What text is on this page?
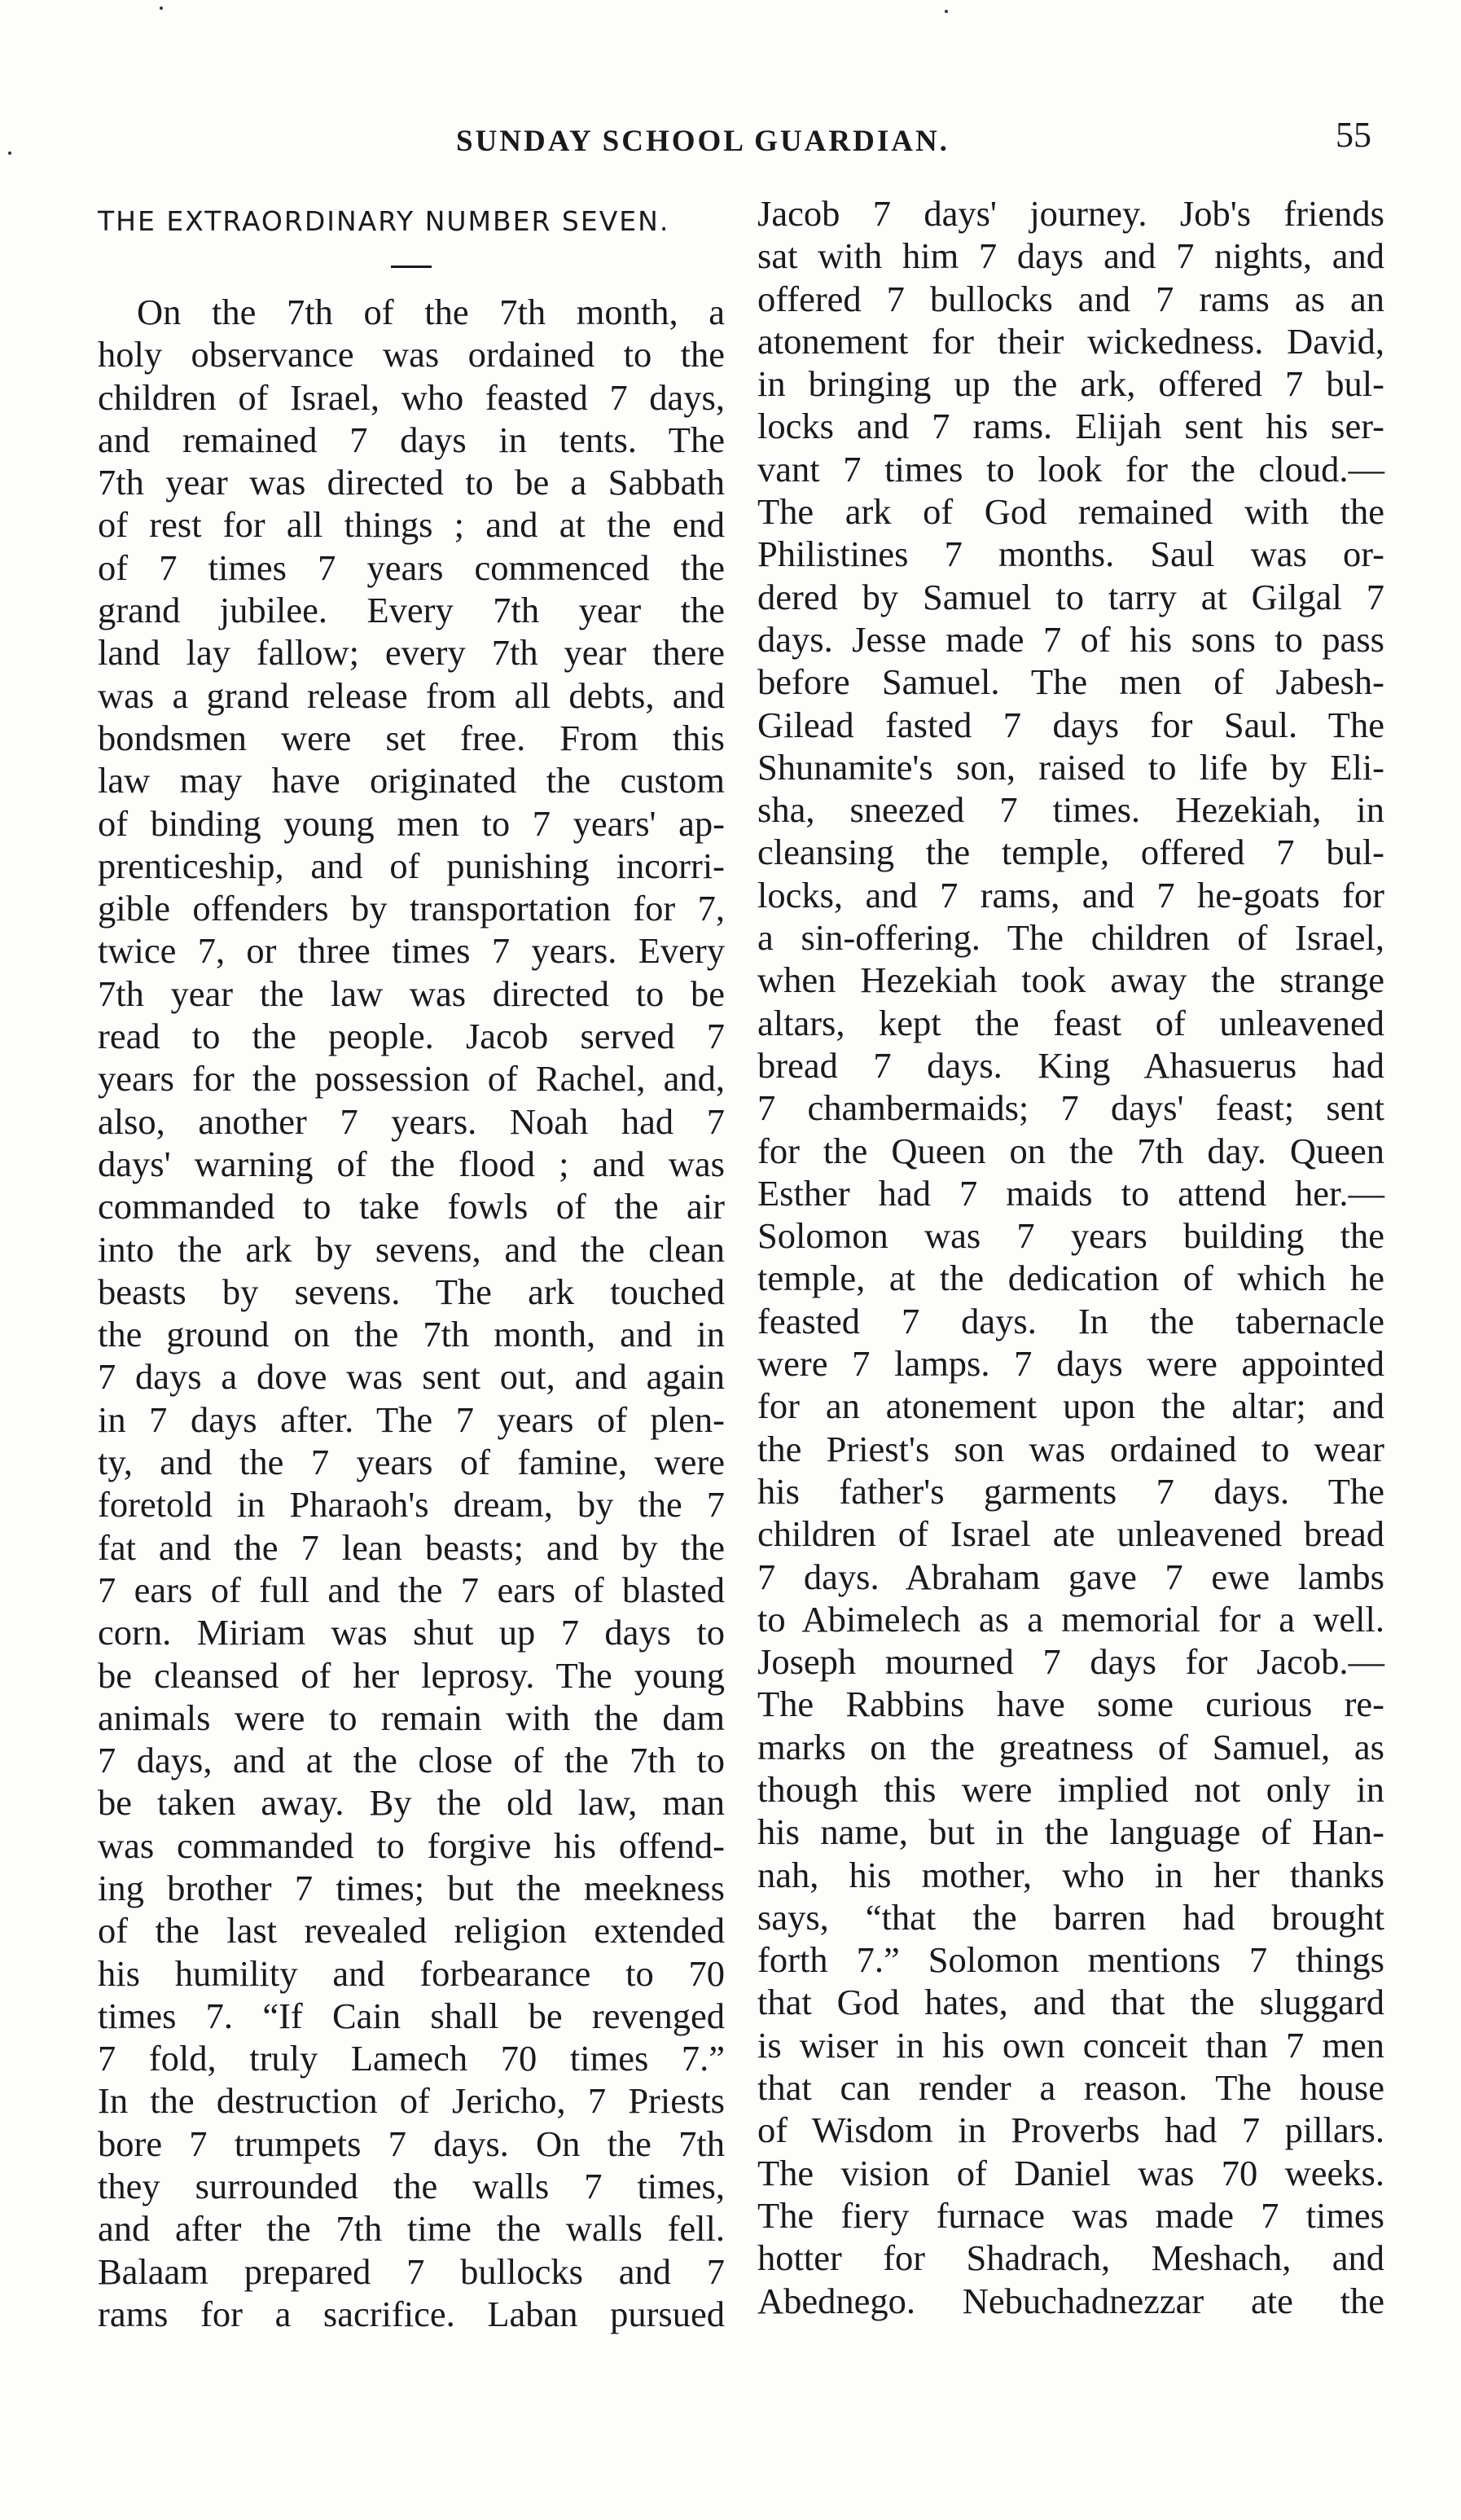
SUNDAY SCHOOL GUARDIAN.	55
THE EXTRAORDINARY NUMBER SEVEN.
On the 7th of the 7th month, a
holy observance was ordained to the
children of Israel, who feasted 7 days,
and remained 7 days in tents. The
7th year was directed to be a Sabbath
of rest for all things ; and at the end
of 7 times 7 years commenced the
grand jubilee. Every 7th year the
land lay fallow; every 7th year there
was a grand release from all debts, and
bondsmen were set free. From this
law may have originated the custom
of binding young men to 7 years' ap-
prenticeship, and of punishing incorri-
gible offenders by transportation for 7,
twice 7, or three times 7 years. Every
7th year the law was directed to be
read to the people. Jacob served 7
years for the possession of Rachel, and,
also, another 7 years. Noah had 7
days' warning of the flood ; and was
commanded to take fowls of the air
into the ark by sevens, and the clean
beasts by sevens. The ark touched
the ground on the 7th month, and in
7 days a dove was sent out, and again
in 7 days after. The 7 years of plen-
ty, and the 7 years of famine, were
foretold in Pharaoh's dream, by the 7
fat and the 7 lean beasts; and by the
7 ears of full and the 7 ears of blasted
corn. Miriam was shut up 7 days to
be cleansed of her leprosy. The young
animals were to remain with the dam
7 days, and at the close of the 7th to
be taken away. By the old law, man
was commanded to forgive his offend-
ing brother 7 times; but the meekness
of the last revealed religion extended
his humility and forbearance to 70
times 7. “If Cain shall be revenged
7 fold, truly Lamech 70 times 7.”
In the destruction of Jericho, 7 Priests
bore 7 trumpets 7 days. On the 7th
they surrounded the walls 7 times,
and after the 7th time the walls fell.
Balaam prepared 7 bullocks and 7
rams for a sacrifice. Laban pursued
Jacob 7 days' journey. Job's friends
sat with him 7 days and 7 nights, and
offered 7 bullocks and 7 rams as an
atonement for their wickedness. David,
in bringing up the ark, offered 7 bul-
locks and 7 rams. Elijah sent his ser-
vant 7 times to look for the cloud.—
The ark of God remained with the
Philistines 7 months. Saul was or-
dered by Samuel to tarry at Gilgal 7
days. Jesse made 7 of his sons to pass
before Samuel. The men of Jabesh-
Gilead fasted 7 days for Saul. The
Shunamite's son, raised to life by Eli-
sha, sneezed 7 times. Hezekiah, in
cleansing the temple, offered 7 bul-
locks, and 7 rams, and 7 he-goats for
a sin-offering. The children of Israel,
when Hezekiah took away the strange
altars, kept the feast of unleavened
bread 7 days. King Ahasuerus had
7 chambermaids; 7 days' feast; sent
for the Queen on the 7th day. Queen
Esther had 7 maids to attend her.—
Solomon was 7 years building the
temple, at the dedication of which he
feasted 7 days. In the tabernacle
were 7 lamps. 7 days were appointed
for an atonement upon the altar; and
the Priest's son was ordained to wear
his father's garments 7 days. The
children of Israel ate unleavened bread
7 days. Abraham gave 7 ewe lambs
to Abimelech as a memorial for a well.
Joseph mourned 7 days for Jacob.—
The Rabbins have some curious re-
marks on the greatness of Samuel, as
though this were implied not only in
his name, but in the language of Han-
nah, his mother, who in her thanks
says, “that the barren had brought
forth 7.” Solomon mentions 7 things
that God hates, and that the sluggard
is wiser in his own conceit than 7 men
that can render a reason. The house
of Wisdom in Proverbs had 7 pillars.
The vision of Daniel was 70 weeks.
The fiery furnace was made 7 times
hotter for Shadrach, Meshach, and
Abednego. Nebuchadnezzar ate the
